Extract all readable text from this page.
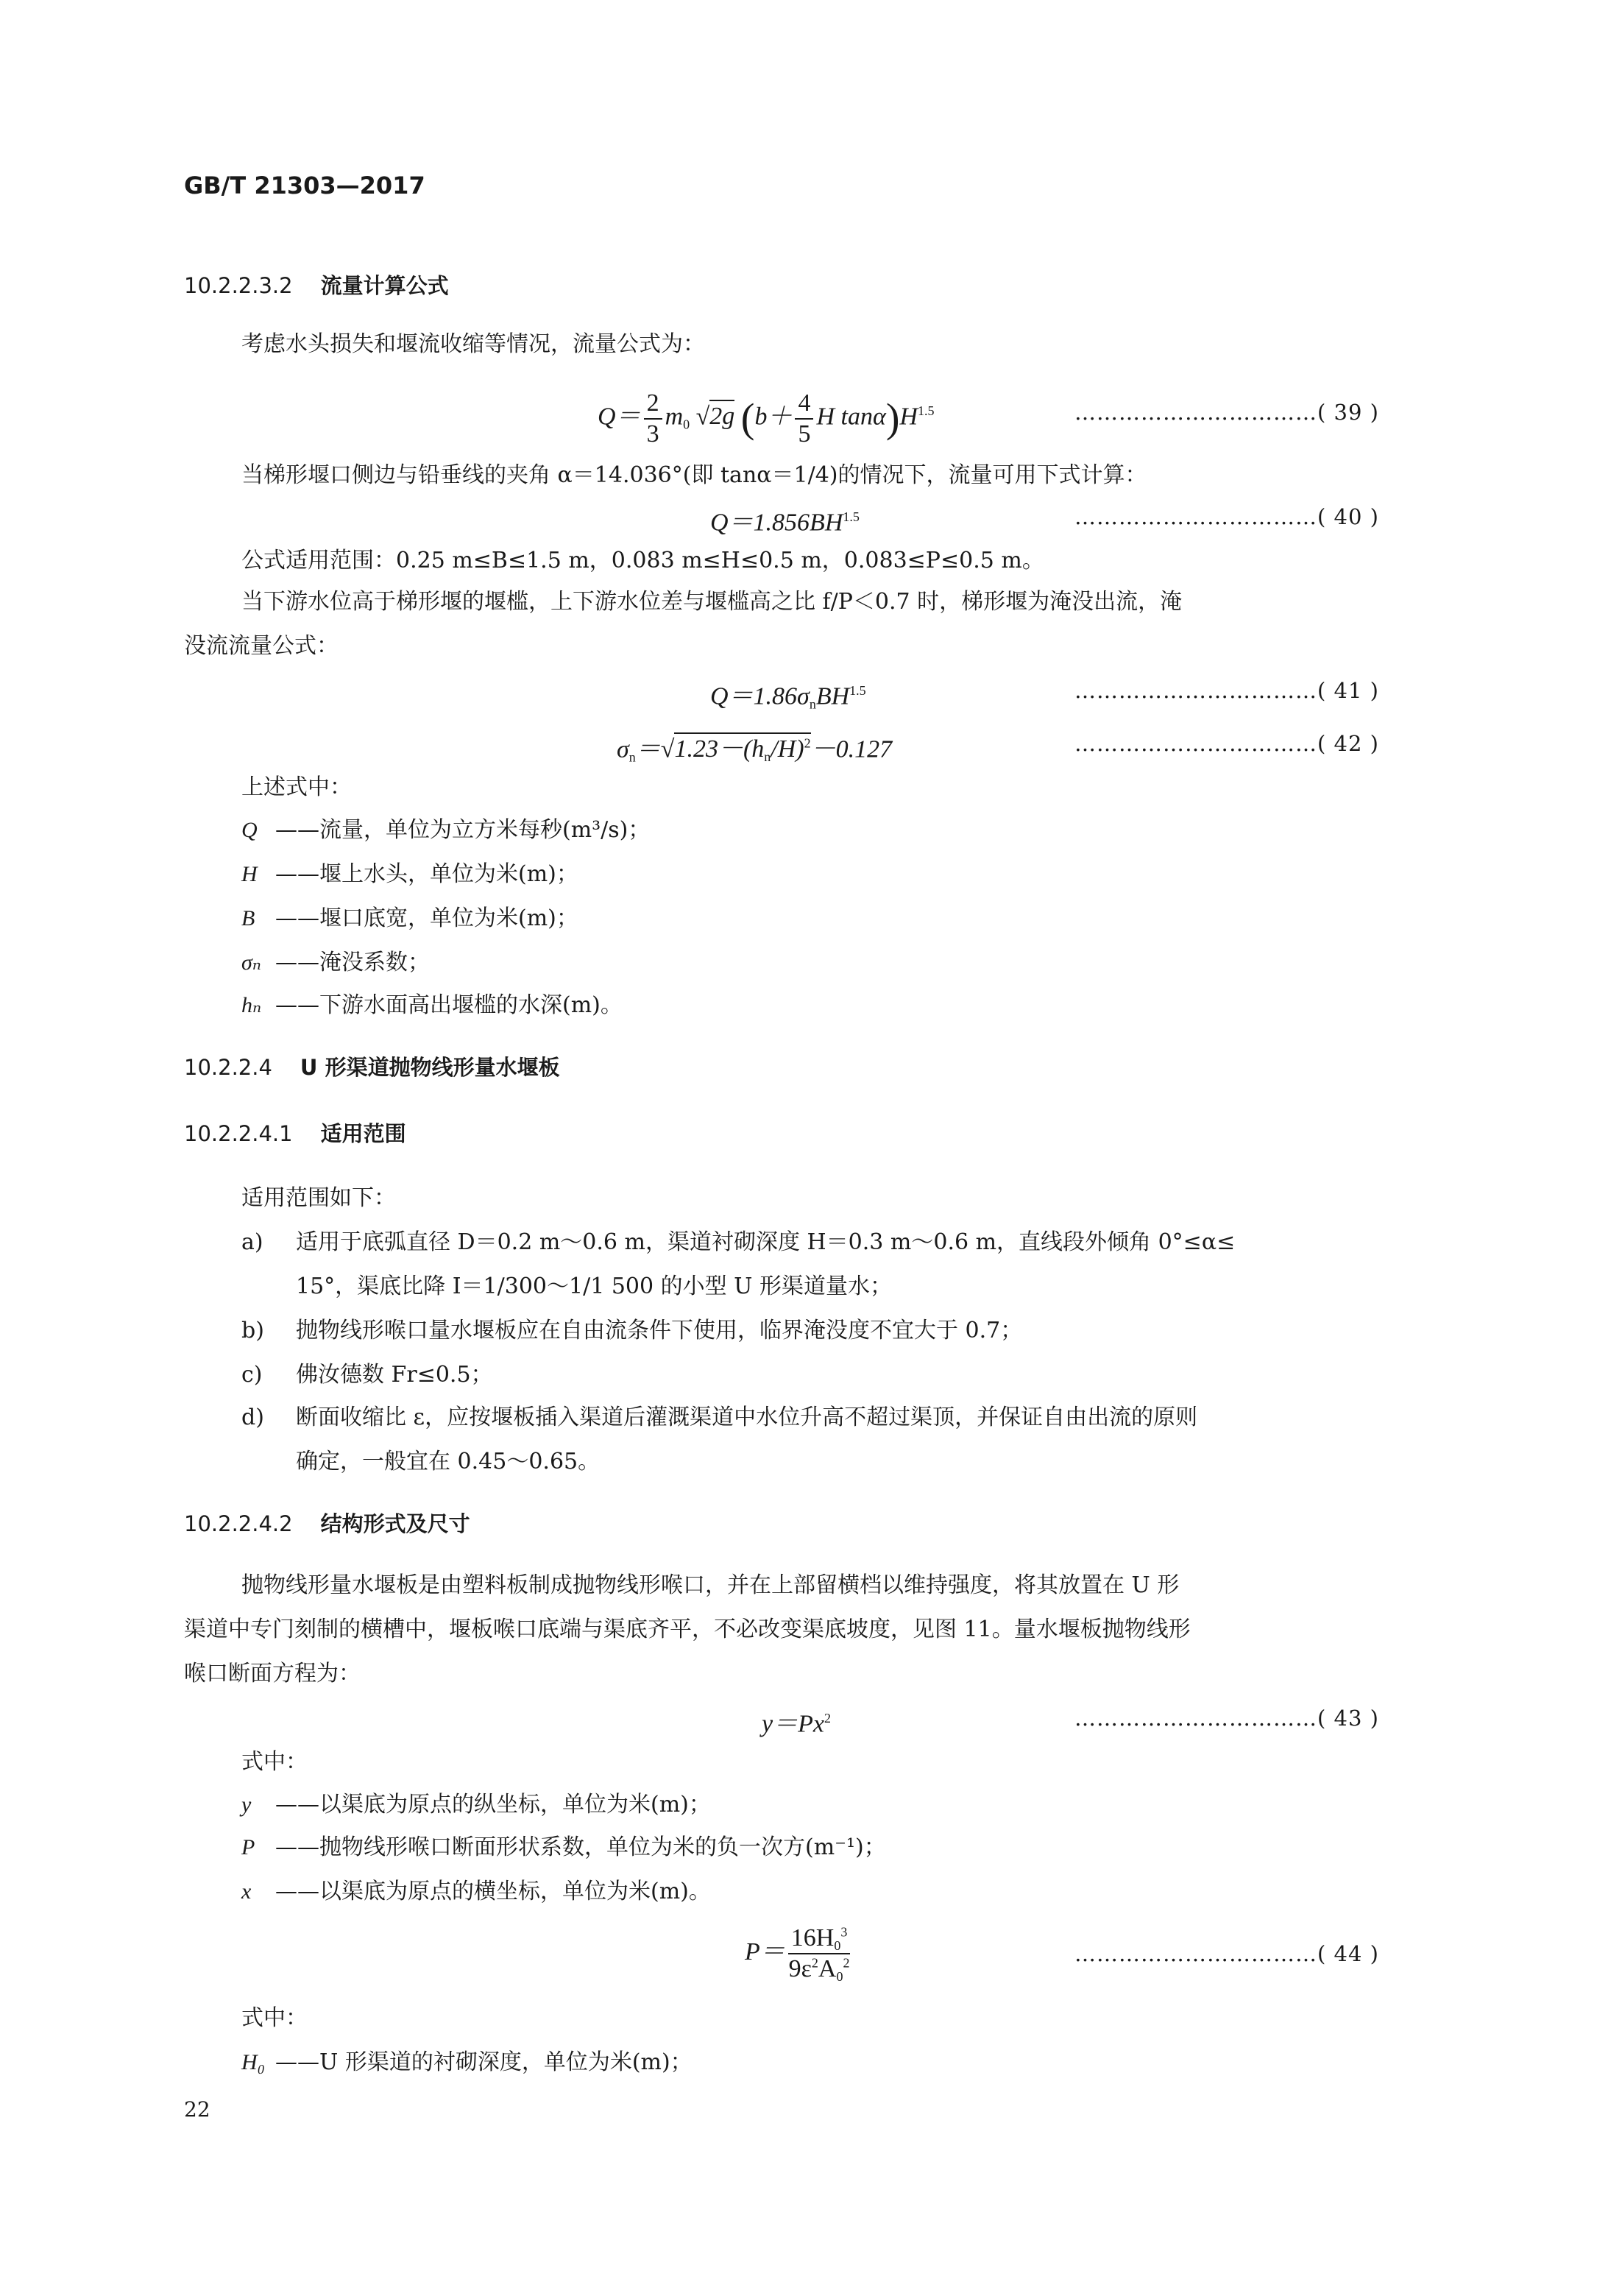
GB/T 21303—2017
10.2.2.3.2 流量计算公式
考虑水头损失和堰流收缩等情况，流量公式为：
$Q= \frac{2}{3} m_0$ √2g ($b+ \frac{4}{5}$ H $\tan\alpha)H^{1.5}$	……………………………( 39 )
当梯形堰口侧边与铅垂线的夹角 α＝14.036°(即 tanα＝1/4)的情况下，流量可用下式计算：
$Q=1.856BH^{1.5}$	……………………………( 40 )
公式适用范围：0.25 m≤B≤1.5 m，0.083 m≤H≤0.5 m，0.083≤P≤0.5 m。
当下游水位高于梯形堰的堰槛，上下游水位差与堰槛高之比 f/P＜0.7 时，梯形堰为淹没出流，淹
没流流量公式：
$Q=1.86\sigma_nBH^{1.5}$	……………………………( 41 )
$\sigma_n=√1.23-(h_n/H)^2-0.127$	……………………………( 42 )
上述式中：
Q ——流量，单位为立方米每秒(m³/s)；
H ——堰上水头，单位为米(m)；
B ——堰口底宽，单位为米(m)；
σₙ ——淹没系数；
hₙ ——下游水面高出堰槛的水深(m)。
10.2.2.4 U 形渠道抛物线形量水堰板
10.2.2.4.1 适用范围
适用范围如下：
a) 适用于底弧直径 D＝0.2 m～0.6 m，渠道衬砌深度 H＝0.3 m～0.6 m，直线段外倾角 0°≤α≤
15°，渠底比降 I＝1/300～1/1 500 的小型 U 形渠道量水；
b) 抛物线形喉口量水堰板应在自由流条件下使用，临界淹没度不宜大于 0.7；
c) 佛汝德数 Fr≤0.5；
d) 断面收缩比 ε，应按堰板插入渠道后灌溉渠道中水位升高不超过渠顶，并保证自由出流的原则
确定，一般宜在 0.45～0.65。
10.2.2.4.2 结构形式及尺寸
抛物线形量水堰板是由塑料板制成抛物线形喉口，并在上部留横档以维持强度，将其放置在 U 形
渠道中专门刻制的横槽中，堰板喉口底端与渠底齐平，不必改变渠底坡度，见图 11。量水堰板抛物线形
喉口断面方程为：
$y=Px^2$	……………………………( 43 )
式中：
y ——以渠底为原点的纵坐标，单位为米(m)；
P ——抛物线形喉口断面形状系数，单位为米的负一次方(m⁻¹)；
x ——以渠底为原点的横坐标，单位为米(m)。
$P= \frac{16H_0^3}{9\varepsilon^2A_0^2}$	……………………………( 44 )
式中：
H₀ ——U 形渠道的衬砌深度，单位为米(m)；
22
